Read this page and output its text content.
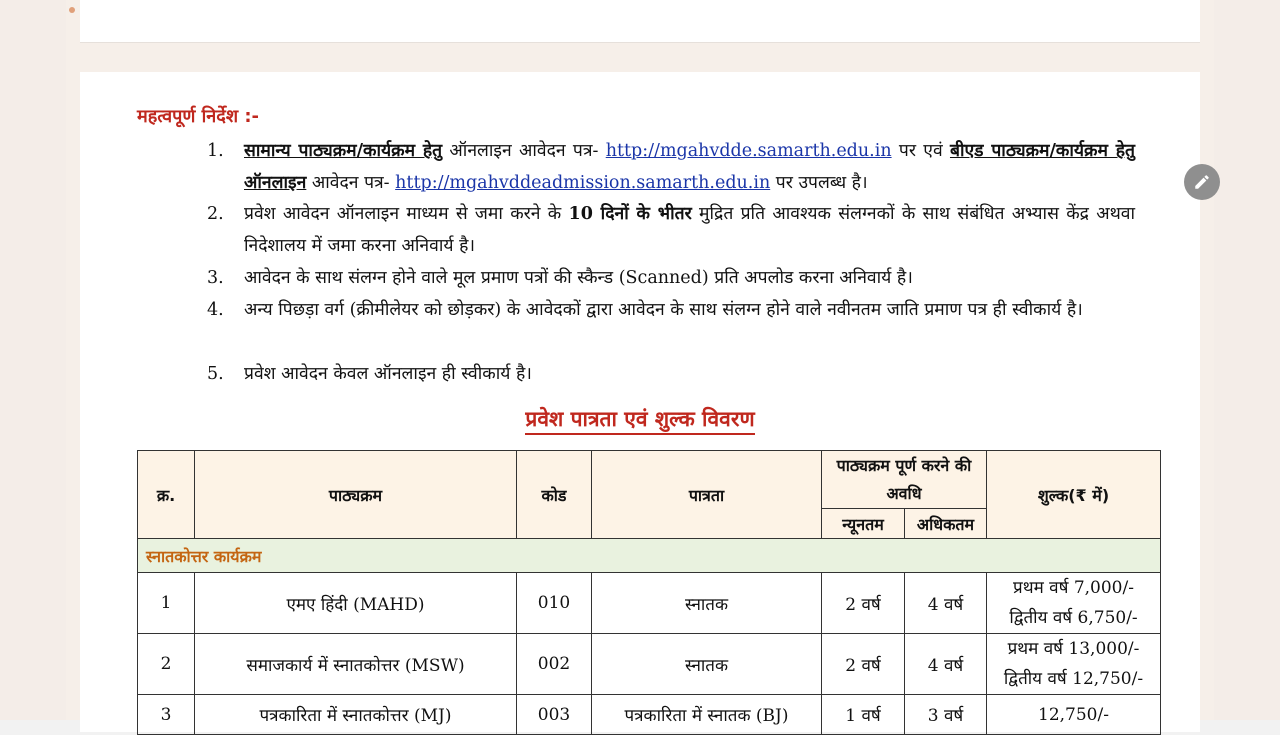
महत्वपूर्ण निर्देश :-
1.	सामान्य पाठ्यक्रम/कार्यक्रम हेतु ऑनलाइन आवेदन पत्र- http://mgahvdde.samarth.edu.in पर एवं बीएड पाठ्यक्रम/कार्यक्रम हेतु ऑनलाइन आवेदन पत्र- http://mgahvddeadmission.samarth.edu.in पर उपलब्ध है।
2.	प्रवेश आवेदन ऑनलाइन माध्यम से जमा करने के 10 दिनों के भीतर मुद्रित प्रति आवश्यक संलग्नकों के साथ संबंधित अभ्यास केंद्र अथवा निदेशालय में जमा करना अनिवार्य है।
3.	आवेदन के साथ संलग्न होने वाले मूल प्रमाण पत्रों की स्कैन्ड (Scanned) प्रति अपलोड करना अनिवार्य है।
4.	अन्य पिछड़ा वर्ग (क्रीमीलेयर को छोड़कर) के आवेदकों द्वारा आवेदन के साथ संलग्न होने वाले नवीनतम जाति प्रमाण पत्र ही स्वीकार्य है।
5.	प्रवेश आवेदन केवल ऑनलाइन ही स्वीकार्य है।
प्रवेश पात्रता एवं शुल्क विवरण
क्र.	पाठ्यक्रम	कोड	पात्रता	पाठ्यक्रम पूर्ण करने की अवधि		शुल्क(₹ में)
				न्यूनतम	अधिकतम	
स्नातकोत्तर कार्यक्रम						
1	एमए हिंदी (MAHD)	010	स्नातक	2 वर्ष	4 वर्ष	प्रथम वर्ष 7,000/-
द्वितीय वर्ष 6,750/-

2	समाजकार्य में स्नातकोत्तर (MSW)	002	स्नातक	2 वर्ष	4 वर्ष	प्रथम वर्ष 13,000/-
द्वितीय वर्ष 12,750/-

3	पत्रकारिता में स्नातकोत्तर (MJ)	003	पत्रकारिता में स्नातक (BJ)	1 वर्ष	3 वर्ष	12,750/-
